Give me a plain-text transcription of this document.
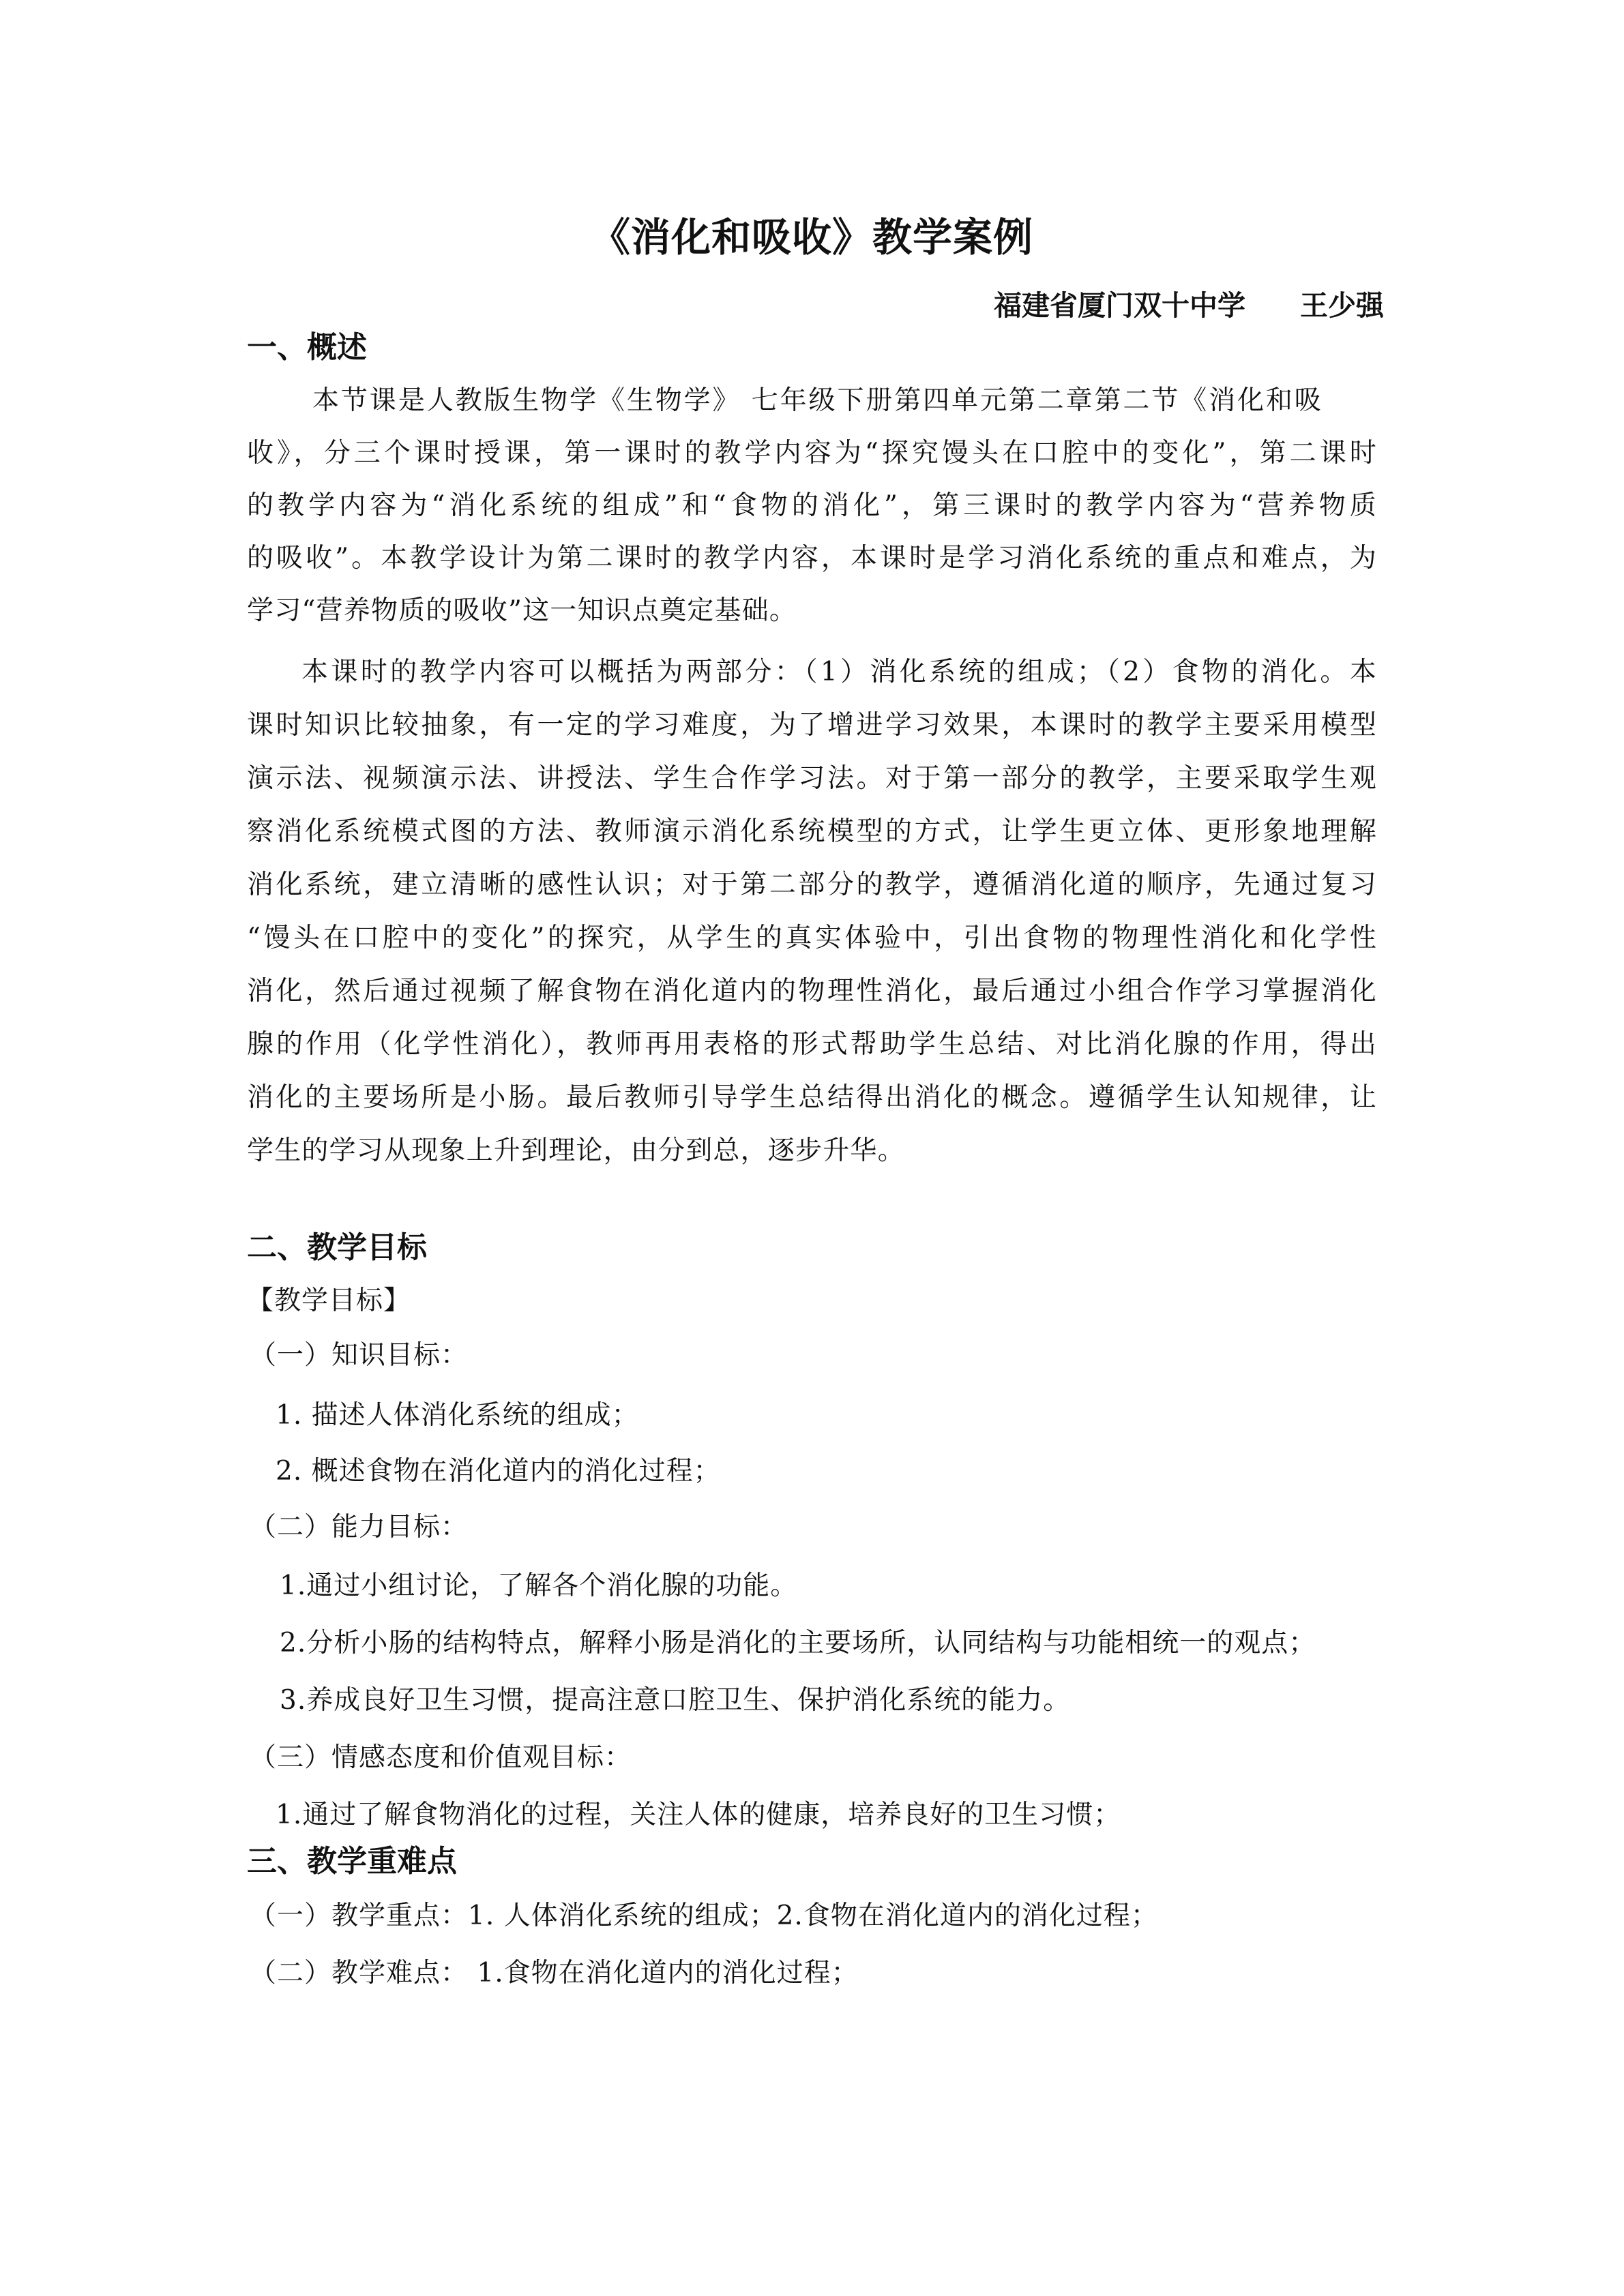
《消化和吸收》教学案例
福建省厦门双十中学 王少强
一、概述
本节课是人教版生物学《生物学》 七年级下册第四单元第二章第二节《消化和吸
收》，分三个课时授课，第一课时的教学内容为“探究馒头在口腔中的变化”，第二课时
的教学内容为“消化系统的组成”和“食物的消化”，第三课时的教学内容为“营养物质
的吸收”。本教学设计为第二课时的教学内容，本课时是学习消化系统的重点和难点，为
学习“营养物质的吸收”这一知识点奠定基础。
本课时的教学内容可以概括为两部分：（1）消化系统的组成；（2）食物的消化。本
课时知识比较抽象，有一定的学习难度，为了增进学习效果，本课时的教学主要采用模型
演示法、视频演示法、讲授法、学生合作学习法。对于第一部分的教学，主要采取学生观
察消化系统模式图的方法、教师演示消化系统模型的方式，让学生更立体、更形象地理解
消化系统，建立清晰的感性认识；对于第二部分的教学，遵循消化道的顺序，先通过复习
“馒头在口腔中的变化”的探究，从学生的真实体验中，引出食物的物理性消化和化学性
消化，然后通过视频了解食物在消化道内的物理性消化，最后通过小组合作学习掌握消化
腺的作用（化学性消化），教师再用表格的形式帮助学生总结、对比消化腺的作用，得出
消化的主要场所是小肠。最后教师引导学生总结得出消化的概念。遵循学生认知规律，让
学生的学习从现象上升到理论，由分到总，逐步升华。
二、教学目标
【教学目标】
（一）知识目标：
1. 描述人体消化系统的组成；
2. 概述食物在消化道内的消化过程；
（二）能力目标：
1.通过小组讨论，了解各个消化腺的功能。
2.分析小肠的结构特点，解释小肠是消化的主要场所，认同结构与功能相统一的观点；
3.养成良好卫生习惯，提高注意口腔卫生、保护消化系统的能力。
（三）情感态度和价值观目标：
1.通过了解食物消化的过程，关注人体的健康，培养良好的卫生习惯；
三、教学重难点
（一）教学重点：1. 人体消化系统的组成；2.食物在消化道内的消化过程；
（二）教学难点： 1.食物在消化道内的消化过程；
